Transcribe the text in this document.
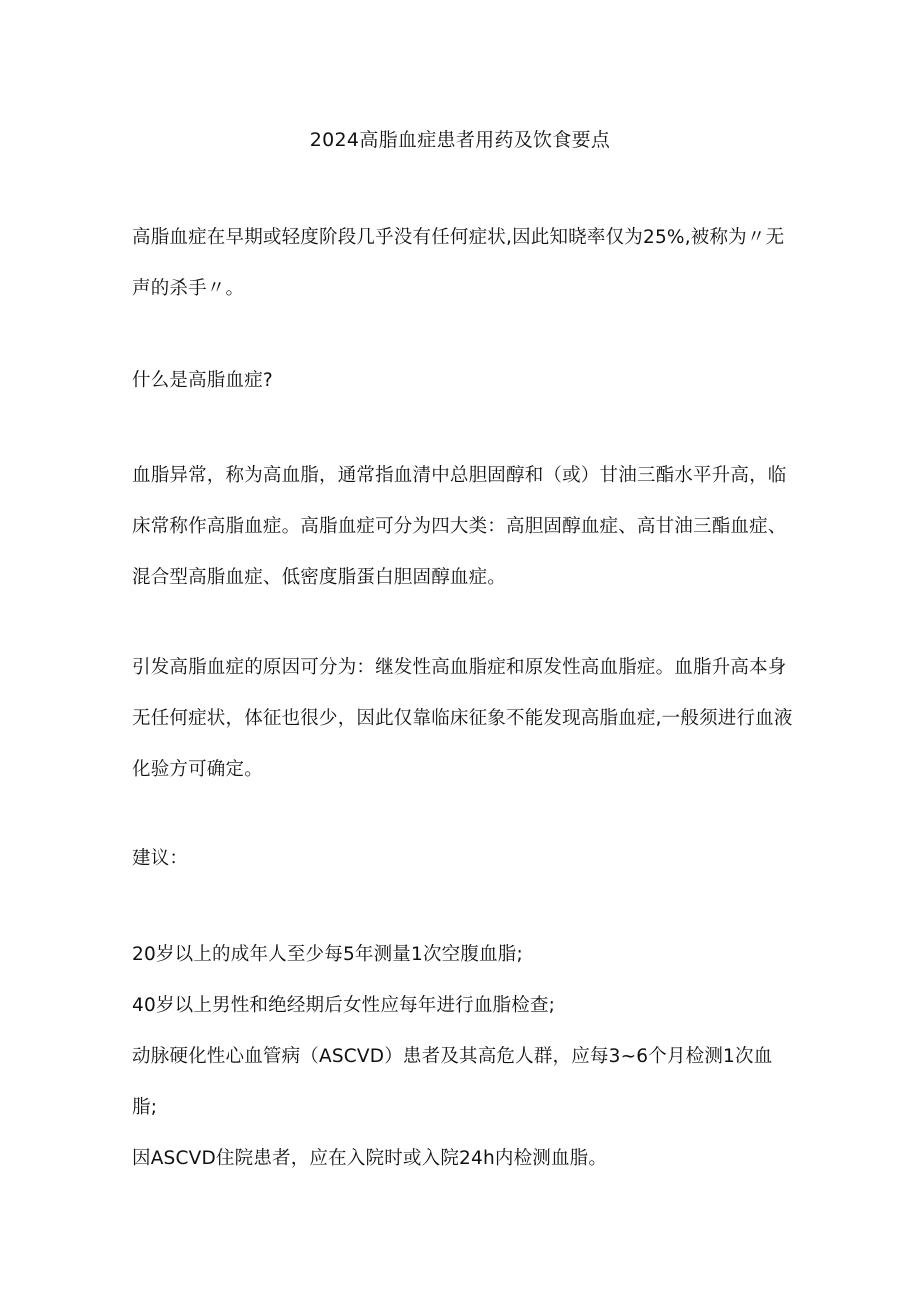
2024高脂血症患者用药及饮食要点

高脂血症在早期或轻度阶段几乎没有任何症状,因此知晓率仅为25%,被称为〃无声的杀手〃。

什么是高脂血症?

血脂异常，称为高血脂，通常指血清中总胆固醇和（或）甘油三酯水平升高，临床常称作高脂血症。高脂血症可分为四大类：高胆固醇血症、高甘油三酯血症、混合型高脂血症、低密度脂蛋白胆固醇血症。

引发高脂血症的原因可分为：继发性高血脂症和原发性高血脂症。血脂升高本身无任何症状，体征也很少，因此仅靠临床征象不能发现高脂血症,一般须进行血液化验方可确定。

建议：

20岁以上的成年人至少每5年测量1次空腹血脂;
40岁以上男性和绝经期后女性应每年进行血脂检查;
动脉硬化性心血管病（ASCVD）患者及其高危人群，应每3~6个月检测1次血脂;
因ASCVD住院患者，应在入院时或入院24h内检测血脂。
